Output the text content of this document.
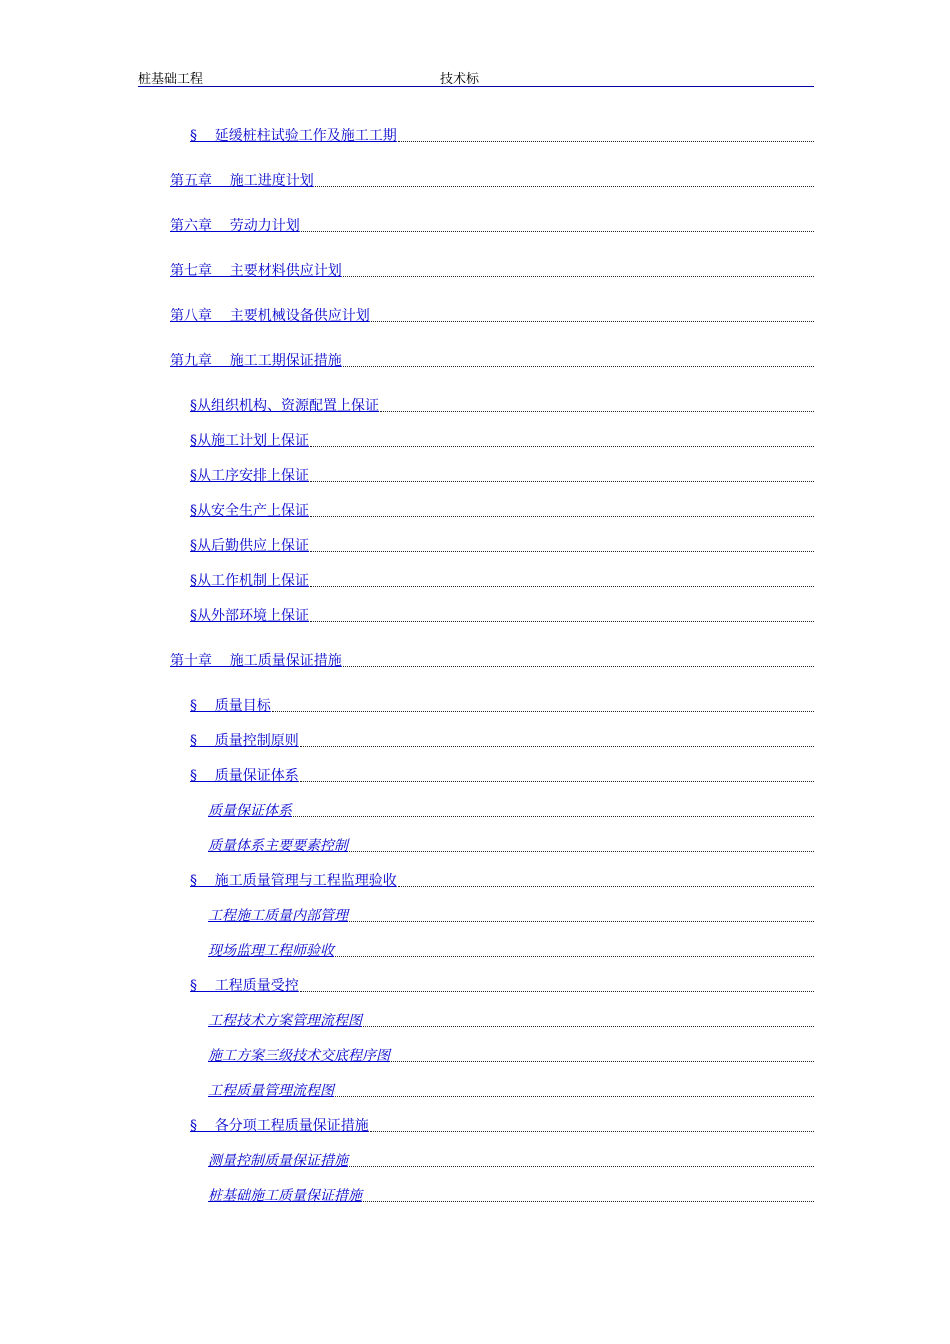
桩基础工程	技术标
§    延缓桩柱试验工作及施工工期
第五章    施工进度计划
第六章    劳动力计划
第七章    主要材料供应计划
第八章    主要机械设备供应计划
第九章    施工工期保证措施
§从组织机构、资源配置上保证
§从施工计划上保证
§从工序安排上保证
§从安全生产上保证
§从后勤供应上保证
§从工作机制上保证
§从外部环境上保证
第十章    施工质量保证措施
§    质量目标
§    质量控制原则
§    质量保证体系
质量保证体系
质量体系主要要素控制
§    施工质量管理与工程监理验收
工程施工质量内部管理
现场监理工程师验收
§    工程质量受控
工程技术方案管理流程图
施工方案三级技术交底程序图
工程质量管理流程图
§    各分项工程质量保证措施
测量控制质量保证措施
桩基础施工质量保证措施
